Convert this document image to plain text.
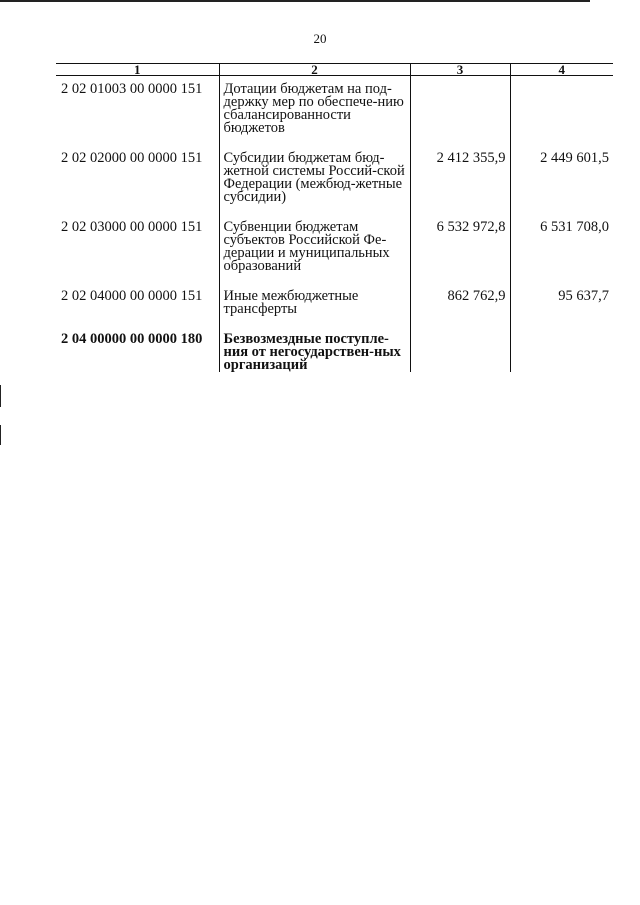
20
1	2	3	4
2 02 01003 00 0000 151	Дотации бюджетам на под-держку мер по обеспече-нию сбалансированности бюджетов		
2 02 02000 00 0000 151	Субсидии бюджетам бюд-жетной системы Россий-ской Федерации (межбюд-жетные субсидии)	2 412 355,9	2 449 601,5
2 02 03000 00 0000 151	Субвенции бюджетам субъектов Российской Фе-дерации и муниципальных образований	6 532 972,8	6 531 708,0
2 02 04000 00 0000 151	Иные межбюджетные трансферты	862 762,9	95 637,7
2 04 00000 00 0000 180	Безвозмездные поступле-ния от негосударствен-ных организаций		
